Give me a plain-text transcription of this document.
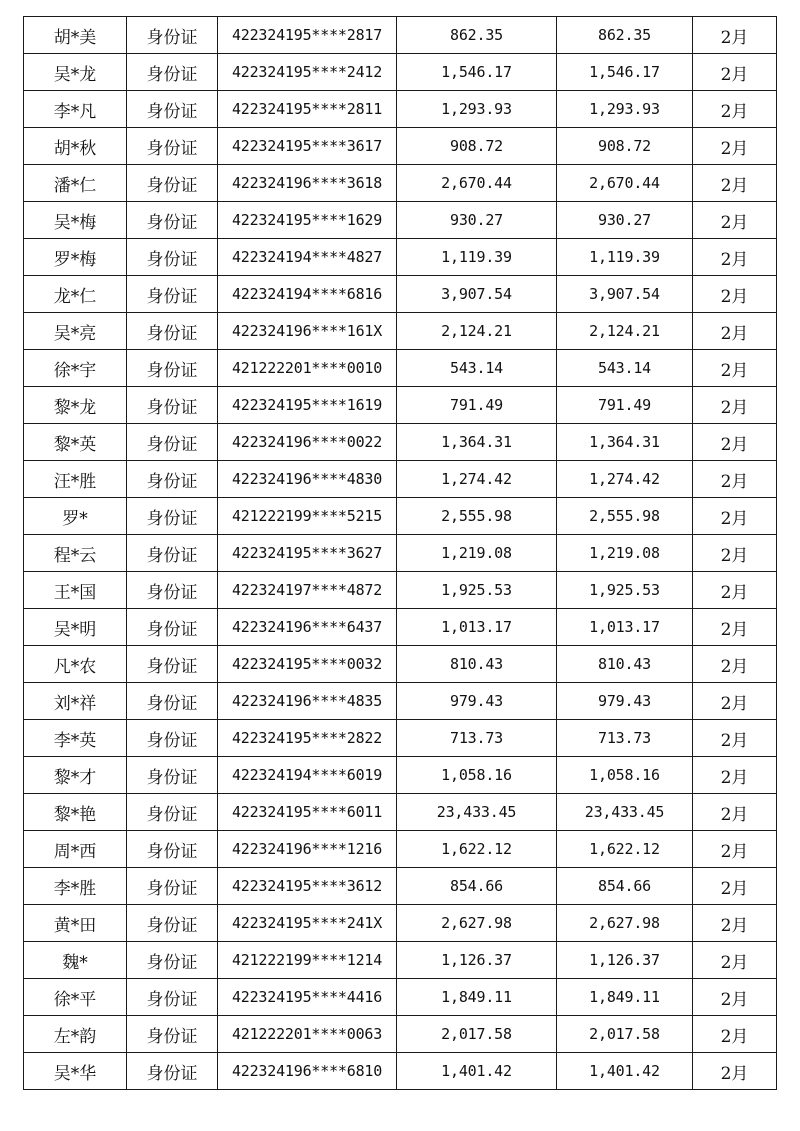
胡*美	身份证	422324195****2817	862.35	862.35	2月
吴*龙	身份证	422324195****2412	1,546.17	1,546.17	2月
李*凡	身份证	422324195****2811	1,293.93	1,293.93	2月
胡*秋	身份证	422324195****3617	908.72	908.72	2月
潘*仁	身份证	422324196****3618	2,670.44	2,670.44	2月
吴*梅	身份证	422324195****1629	930.27	930.27	2月
罗*梅	身份证	422324194****4827	1,119.39	1,119.39	2月
龙*仁	身份证	422324194****6816	3,907.54	3,907.54	2月
吴*亮	身份证	422324196****161X	2,124.21	2,124.21	2月
徐*宇	身份证	421222201****0010	543.14	543.14	2月
黎*龙	身份证	422324195****1619	791.49	791.49	2月
黎*英	身份证	422324196****0022	1,364.31	1,364.31	2月
汪*胜	身份证	422324196****4830	1,274.42	1,274.42	2月
罗*	身份证	421222199****5215	2,555.98	2,555.98	2月
程*云	身份证	422324195****3627	1,219.08	1,219.08	2月
王*国	身份证	422324197****4872	1,925.53	1,925.53	2月
吴*明	身份证	422324196****6437	1,013.17	1,013.17	2月
凡*农	身份证	422324195****0032	810.43	810.43	2月
刘*祥	身份证	422324196****4835	979.43	979.43	2月
李*英	身份证	422324195****2822	713.73	713.73	2月
黎*才	身份证	422324194****6019	1,058.16	1,058.16	2月
黎*艳	身份证	422324195****6011	23,433.45	23,433.45	2月
周*西	身份证	422324196****1216	1,622.12	1,622.12	2月
李*胜	身份证	422324195****3612	854.66	854.66	2月
黄*田	身份证	422324195****241X	2,627.98	2,627.98	2月
魏*	身份证	421222199****1214	1,126.37	1,126.37	2月
徐*平	身份证	422324195****4416	1,849.11	1,849.11	2月
左*韵	身份证	421222201****0063	2,017.58	2,017.58	2月
吴*华	身份证	422324196****6810	1,401.42	1,401.42	2月
